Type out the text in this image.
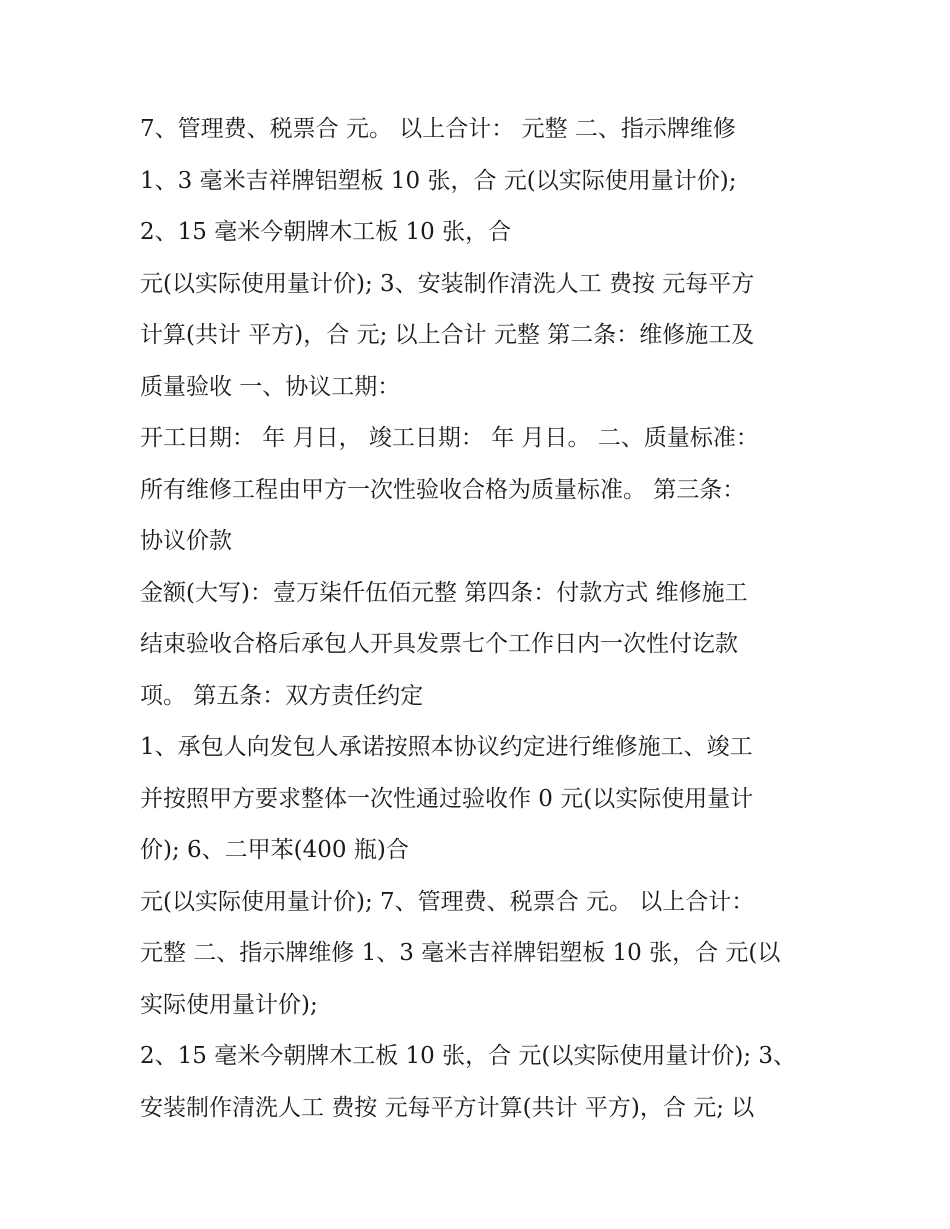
7、管理费、税票合 元。 以上合计： 元整 二、指示牌维修
1、3 毫米吉祥牌铝塑板 10 张，合 元(以实际使用量计价);
2、15 毫米今朝牌木工板 10 张，合
元(以实际使用量计价); 3、安装制作清洗人工 费按 元每平方
计算(共计 平方)，合 元; 以上合计 元整 第二条：维修施工及
质量验收 一、协议工期：
开工日期： 年 月日， 竣工日期： 年 月日。 二、质量标准：
所有维修工程由甲方一次性验收合格为质量标准。 第三条：
协议价款
金额(大写)：壹万柒仟伍佰元整 第四条：付款方式 维修施工
结束验收合格后承包人开具发票七个工作日内一次性付讫款
项。 第五条：双方责任约定
1、承包人向发包人承诺按照本协议约定进行维修施工、竣工
并按照甲方要求整体一次性通过验收作 0 元(以实际使用量计
价); 6、二甲苯(400 瓶)合
元(以实际使用量计价); 7、管理费、税票合 元。 以上合计：
元整 二、指示牌维修 1、3 毫米吉祥牌铝塑板 10 张，合 元(以
实际使用量计价);
2、15 毫米今朝牌木工板 10 张，合 元(以实际使用量计价); 3、
安装制作清洗人工 费按 元每平方计算(共计 平方)，合 元; 以
